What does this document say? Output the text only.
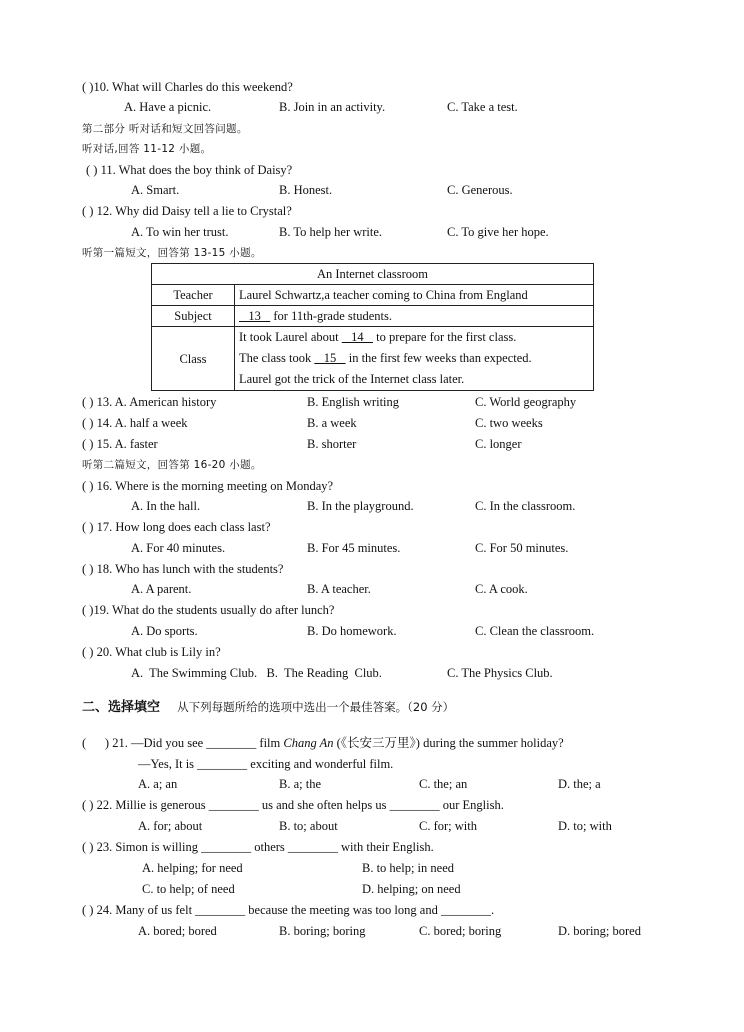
( )10. What will Charles do this weekend?
A. Have a picnic.	B. Join in an activity.	C. Take a test.
第二部分 听对话和短文回答问题。
听对话,回答 11-12 小题。
( ) 11. What does the boy think of Daisy?
A. Smart.	B. Honest.	C. Generous.
( ) 12. Why did Daisy tell a lie to Crystal?
A. To win her trust.	B. To help her write.	C. To give her hope.
听第一篇短文，回答第 13-15 小题。
An Internet classroom	
Teacher	Laurel Schwartz,a teacher coming to China from England
Subject	13    for 11th-grade students.
Class	It took Laurel about    14    to prepare for the first class.
The class took    15    in the first few weeks than expected.
Laurel got the trick of the Internet class later.
( ) 13. A. American history	B. English writing	C. World geography
( ) 14. A. half a week	B. a week	C. two weeks
( ) 15. A. faster	B. shorter	C. longer
听第二篇短文，回答第 16-20 小题。
( ) 16. Where is the morning meeting on Monday?
A. In the hall.	B. In the playground.	C. In the classroom.
( ) 17. How long does each class last?
A. For 40 minutes.	B. For 45 minutes.	C. For 50 minutes.
( ) 18. Who has lunch with the students?
A. A parent.	B. A teacher.	C. A cook.
( )19. What do the students usually do after lunch?
A. Do sports.	B. Do homework.	C. Clean the classroom.
( ) 20. What club is Lily in?
A.  The Swimming Club.   B.  The Reading  Club.	C. The Physics Club.
二、选择填空 从下列每题所给的选项中选出一个最佳答案。（20 分）
(      ) 21. —Did you see ________ film Chang An (《长安三万里》) during the summer holiday?
—Yes, It is ________ exciting and wonderful film.
A. a; an	B. a; the	C. the; an	D. the; a
( ) 22. Millie is generous ________ us and she often helps us ________ our English.
A. for; about	B. to; about	C. for; with	D. to; with
( ) 23. Simon is willing ________ others ________ with their English.
A. helping; for need	B. to help; in need
C. to help; of need	D. helping; on need
( ) 24. Many of us felt ________ because the meeting was too long and ________.
A. bored; bored	B. boring; boring	C. bored; boring	D. boring; bored
